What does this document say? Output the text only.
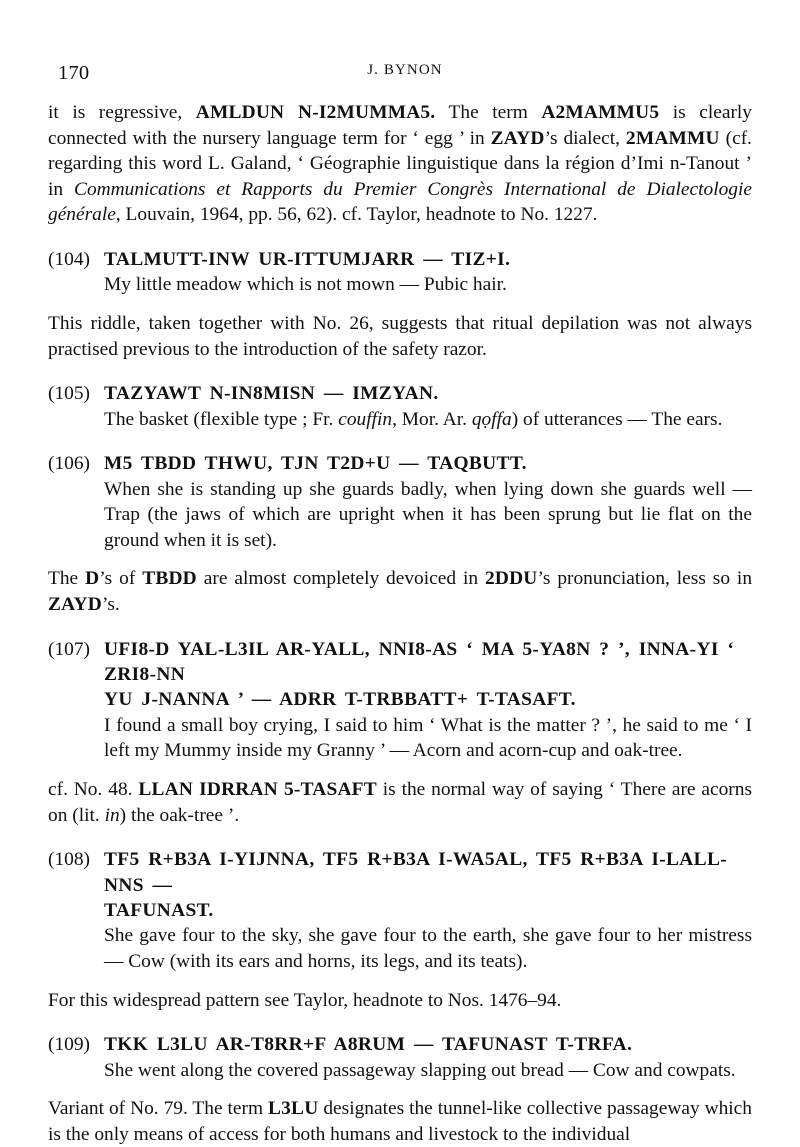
170	J. BYNON

it is regressive, AMLDUN N-I2MUMMA5. The term A2MAMMU5 is clearly connected with the nursery language term for ‘ egg ’ in ZAYD’s dialect, 2MAMMU (cf. regarding this word L. Galand, ‘ Géographie linguistique dans la région d’Imi n-Tanout ’ in Communications et Rapports du Premier Congrès International de Dialectologie générale, Louvain, 1964, pp. 56, 62). cf. Taylor, headnote to No. 1227.

(104) TALMUTT-INW UR-ITTUMJARR — TIZ+I.
My little meadow which is not mown — Pubic hair.

This riddle, taken together with No. 26, suggests that ritual depilation was not always practised previous to the introduction of the safety razor.

(105) TAZYAWT N-IN8MISN — IMZYAN.
The basket (flexible type ; Fr. couffin, Mor. Ar. qọffa) of utterances — The ears.
(106) M5 TBDD THWU, TJN T2D+U — TAQBUTT.
When she is standing up she guards badly, when lying down she guards well — Trap (the jaws of which are upright when it has been sprung but lie flat on the ground when it is set).

The D’s of TBDD are almost completely devoiced in 2DDU’s pronunciation, less so in ZAYD’s.

(107) UFI8-D YAL-L3IL AR-YALL, NNI8-AS ‘ MA 5-YA8N ? ’, INNA-YI ‘ ZRI8-NN
YU J-NANNA ’ — ADRR T-TRBBATT+ T-TASAFT.
I found a small boy crying, I said to him ‘ What is the matter ? ’, he said to me ‘ I left my Mummy inside my Granny ’ — Acorn and acorn-cup and oak-tree.

cf. No. 48. LLAN IDRRAN 5-TASAFT is the normal way of saying ‘ There are acorns on (lit. in) the oak-tree ’.

(108) TF5 R+B3A I-YIJNNA, TF5 R+B3A I-WA5AL, TF5 R+B3A I-LALL-NNS —
TAFUNAST.
She gave four to the sky, she gave four to the earth, she gave four to her mistress — Cow (with its ears and horns, its legs, and its teats).

For this widespread pattern see Taylor, headnote to Nos. 1476–94.

(109) TKK L3LU AR-T8RR+F A8RUM — TAFUNAST T-TRFA.
She went along the covered passageway slapping out bread — Cow and cowpats.

Variant of No. 79. The term L3LU designates the tunnel-like collective passageway which is the only means of access for both humans and livestock to the individual
